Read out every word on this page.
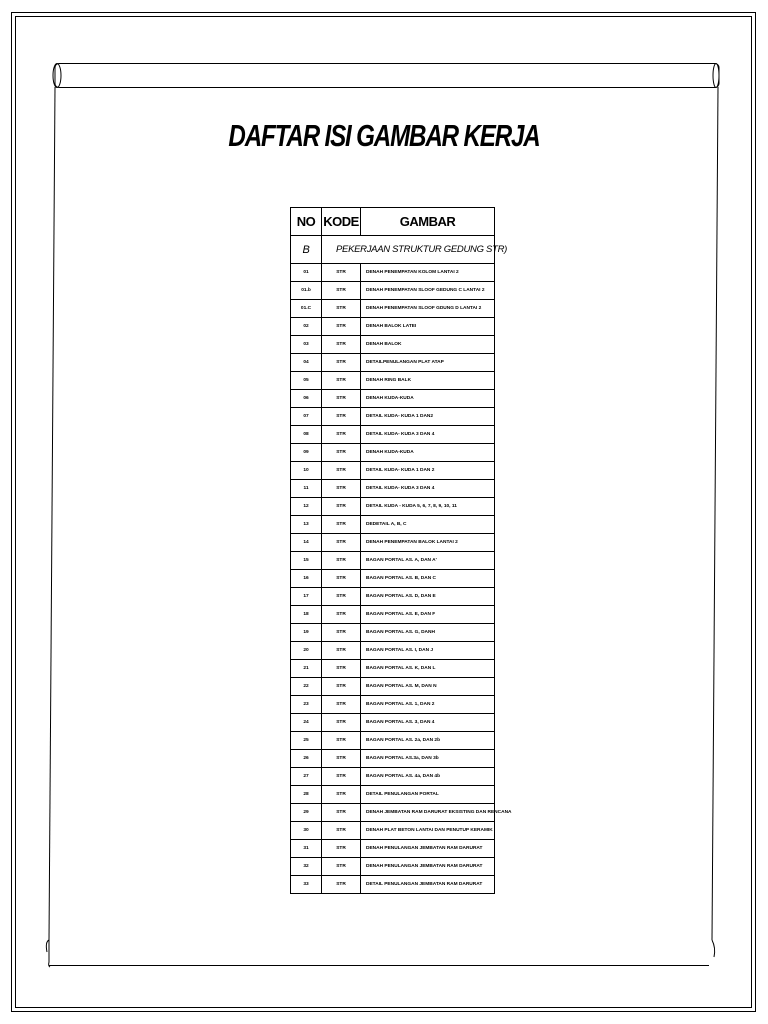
DAFTAR ISI GAMBAR KERJA
NO	KODE	GAMBAR
B	PEKERJAAN STRUKTUR GEDUNG STR)	
01	STR	DENAH PENEMPATAN KOLOM LANTAI 2
01.b	STR	DENAH PENEMPATAN SLOOF GEDUNG C LANTAI 2
01.C	STR	DENAH PENEMPATAN SLOOF GDUNG D LANTAI 2
02	STR	DENAH BALOK LATEI
03	STR	DENAH BALOK
04	STR	DETAILPENULANGAN PLAT ATAP
05	STR	DENAH RING BALK
06	STR	DENAH KUDA-KUDA
07	STR	DETAIL KUDA- KUDA 1 DAN2
08	STR	DETAIL KUDA- KUDA 3 DAN 4
09	STR	DENAH KUDA-KUDA
10	STR	DETAIL KUDA- KUDA 1 DAN 2
11	STR	DETAIL KUDA- KUDA 3 DAN 4
12	STR	DETAIL KUDA - KUDA 5, 6, 7, 8, 9, 10, 11
13	STR	DEDETAIL A, B, C
14	STR	DENAH PENEMPATAN BALOK LANTAI 2
15	STR	BAGAN PORTAL AS. A, DAN A'
16	STR	BAGAN PORTAL AS. B, DAN C
17	STR	BAGAN PORTAL AS. D, DAN E
18	STR	BAGAN PORTAL AS. E, DAN F
19	STR	BAGAN PORTAL AS. G, DANH
20	STR	BAGAN PORTAL AS. I, DAN J
21	STR	BAGAN PORTAL AS. K, DAN L
22	STR	BAGAN PORTAL AS. M, DAN N
23	STR	BAGAN PORTAL AS. 1, DAN 2
24	STR	BAGAN PORTAL AS. 3, DAN 4
25	STR	BAGAN PORTAL AS. 2a, DAN 2b
26	STR	BAGAN PORTAL AS.3a, DAN 3b
27	STR	BAGAN PORTAL AS. 4a, DAN 4b
28	STR	DETAIL PENULANGAN PORTAL
29	STR	DENAH JEMBATAN RAM DARURAT EKSISTING DAN RENCANA
30	STR	DENAH PLAT BETON LANTAI DAN PENUTUP KERAMIK
31	STR	DENAH PENULANGAN JEMBATAN RAM DARURAT
32	STR	DENAH PENULANGAN JEMBATAN RAM DARURAT
33	STR	DETAIL PENULANGAN JEMBATAN RAM DARURAT
